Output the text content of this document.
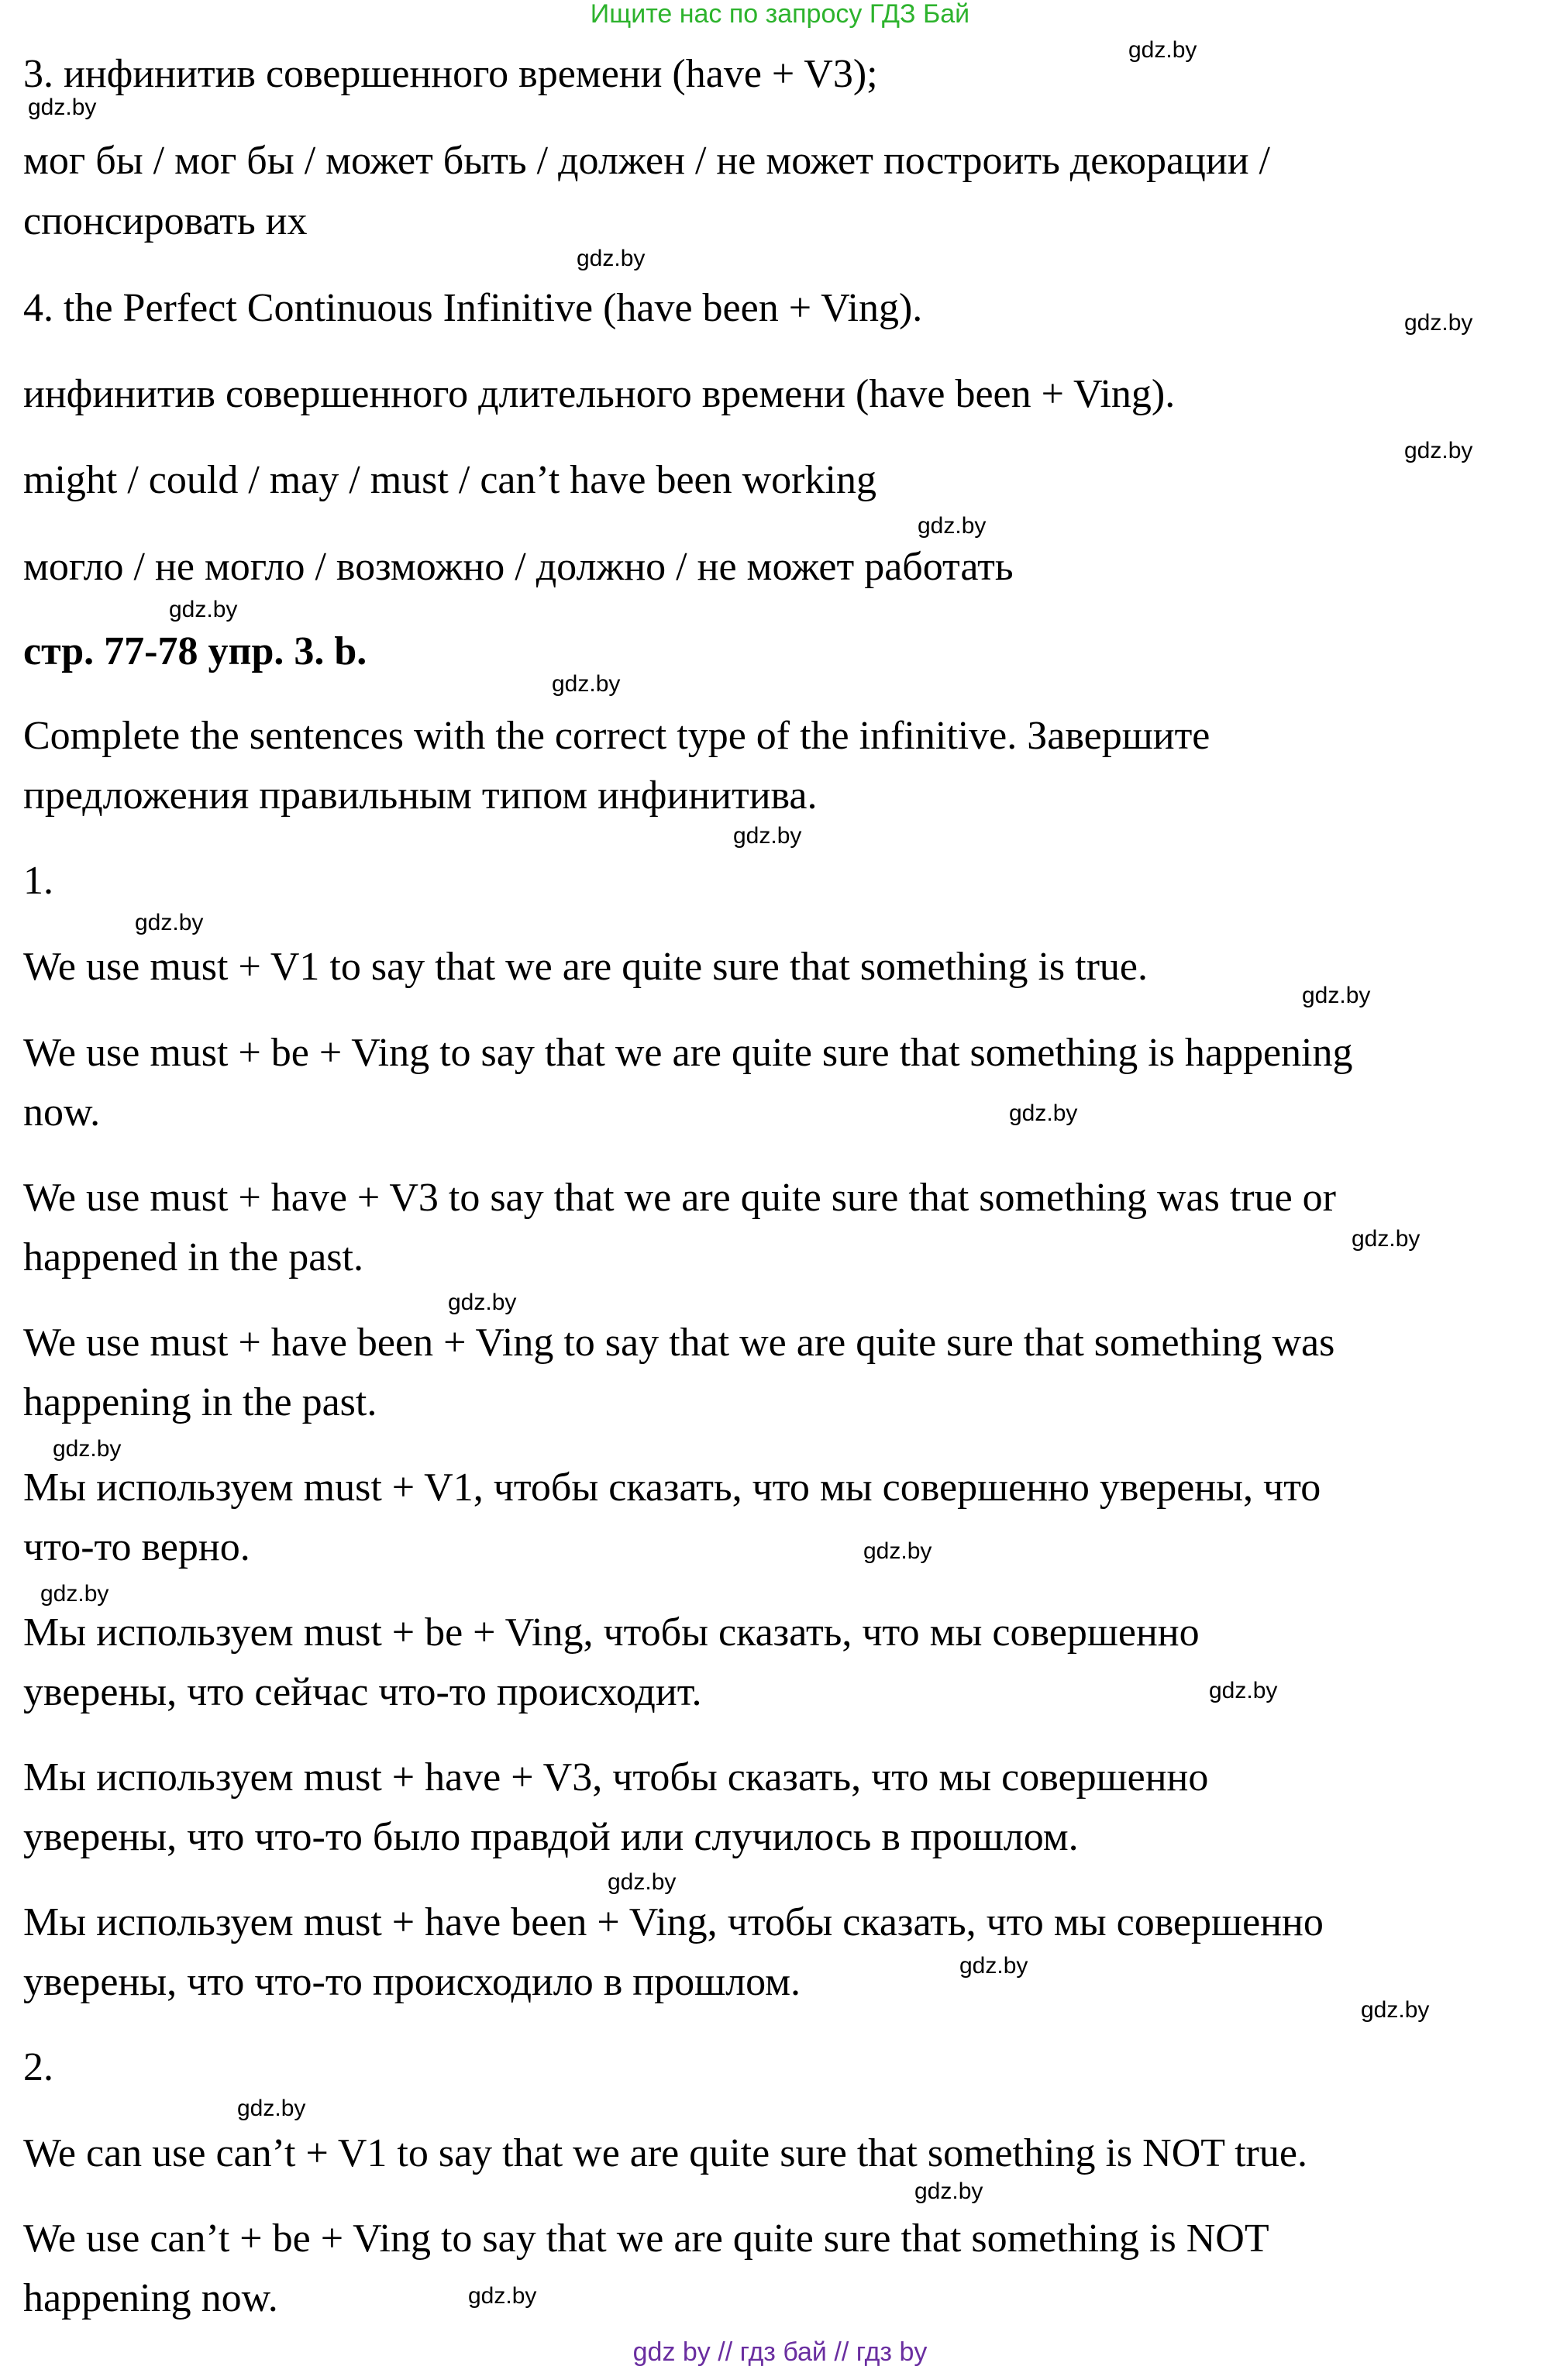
Ищите нас по запросу ГДЗ Бай
3. инфинитив совершенного времени (have + V3);
мог бы / мог бы / может быть / должен / не может построить декорации /
спонсировать их
4. the Perfect Continuous Infinitive (have been + Ving).
инфинитив совершенного длительного времени (have been + Ving).
might / could / may / must / can’t have been working
могло / не могло / возможно / должно / не может работать
стр. 77-78 упр. 3. b.
Complete the sentences with the correct type of the infinitive. Завершите
предложения правильным типом инфинитива.
1.
We use must + V1 to say that we are quite sure that something is true.
We use must + be + Ving to say that we are quite sure that something is happening
now.
We use must + have + V3 to say that we are quite sure that something was true or
happened in the past.
We use must + have been + Ving to say that we are quite sure that something was
happening in the past.
Мы используем must + V1, чтобы сказать, что мы совершенно уверены, что
что-то верно.
Мы используем must + be + Ving, чтобы сказать, что мы совершенно
уверены, что сейчас что-то происходит.
Мы используем must + have + V3, чтобы сказать, что мы совершенно
уверены, что что-то было правдой или случилось в прошлом.
Мы используем must + have been + Ving, чтобы сказать, что мы совершенно
уверены, что что-то происходило в прошлом.
2.
We can use can’t + V1 to say that we are quite sure that something is NOT true.
We use can’t + be + Ving to say that we are quite sure that something is NOT
happening now.
gdz.by
gdz.by
gdz.by
gdz.by
gdz.by
gdz.by
gdz.by
gdz.by
gdz.by
gdz.by
gdz.by
gdz.by
gdz.by
gdz.by
gdz.by
gdz.by
gdz.by
gdz.by
gdz.by
gdz.by
gdz.by
gdz.by
gdz.by
gdz.by
gdz by // гдз бай // гдз by
